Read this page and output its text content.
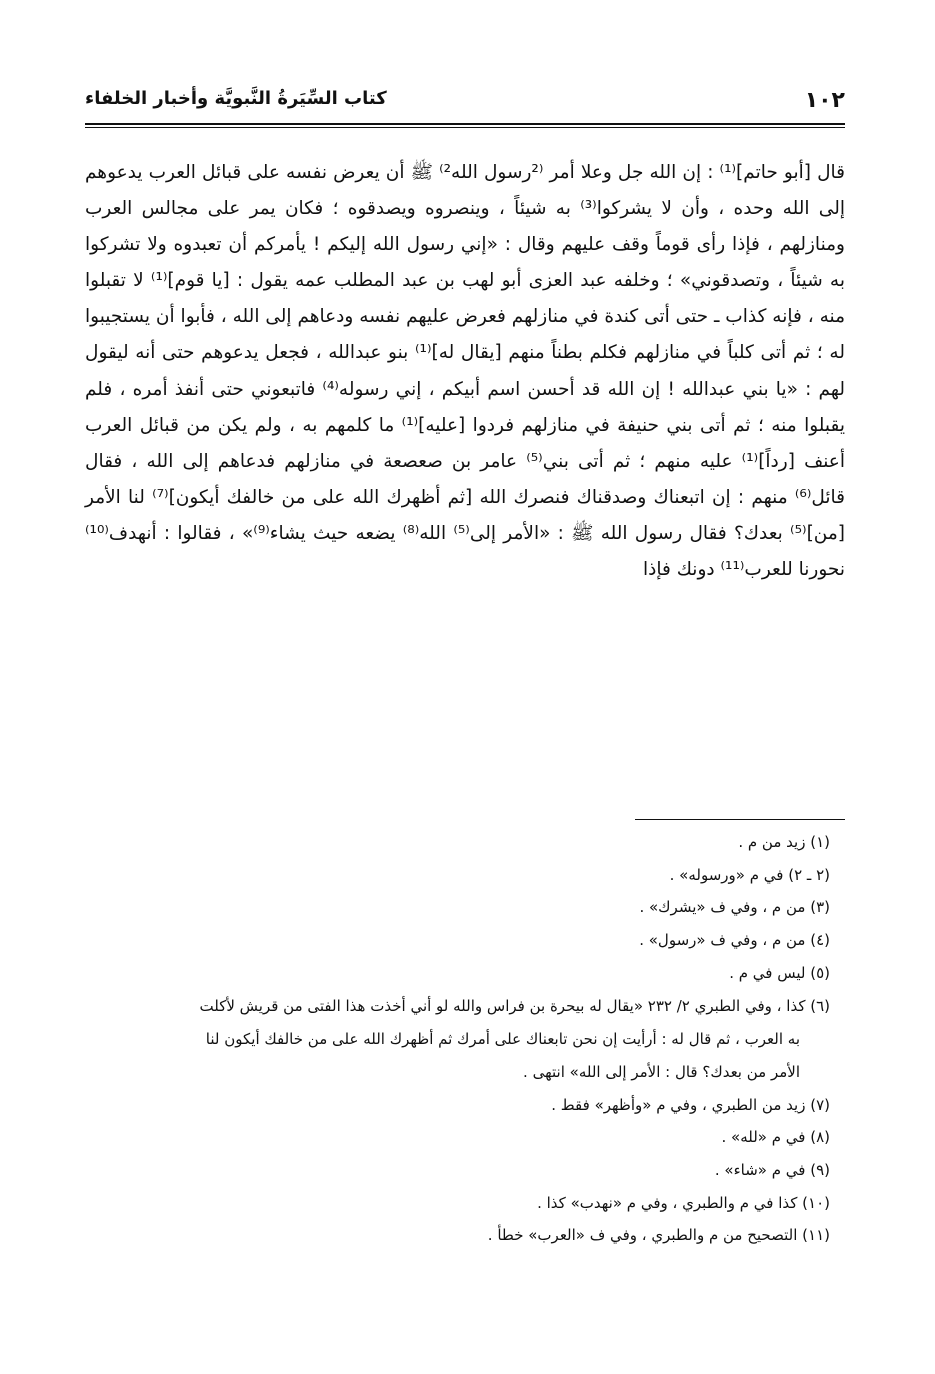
١٠٢
كتاب السِّيَرةُ النَّبويَّة وأخبار الخلفاء

قال [أبو حاتم]⁽¹⁾ : إن الله جل وعلا أمر ⁽²رسول الله²⁾ ﷺ أن يعرض نفسه على قبائل العرب يدعوهم إلى الله وحده ، وأن لا يشركوا⁽³⁾ به شيئاً ، وينصروه ويصدقوه ؛ فكان يمر على مجالس العرب ومنازلهم ، فإذا رأى قوماً وقف عليهم وقال : «إني رسول الله إليكم ! يأمركم أن تعبدوه ولا تشركوا به شيئاً ، وتصدقوني» ؛ وخلفه عبد العزى أبو لهب بن عبد المطلب عمه يقول : [يا قوم]⁽¹⁾ لا تقبلوا منه ، فإنه كذاب ـ حتى أتى كندة في منازلهم فعرض عليهم نفسه ودعاهم إلى الله ، فأبوا أن يستجيبوا له ؛ ثم أتى كلباً في منازلهم فكلم بطناً منهم [يقال له]⁽¹⁾ بنو عبدالله ، فجعل يدعوهم حتى أنه ليقول لهم : «يا بني عبدالله ! إن الله قد أحسن اسم أبيكم ، إني رسوله⁽⁴⁾ فاتبعوني حتى أنفذ أمره ، فلم يقبلوا منه ؛ ثم أتى بني حنيفة في منازلهم فردوا [عليه]⁽¹⁾ ما كلمهم به ، ولم يكن من قبائل العرب أعنف [رداً]⁽¹⁾ عليه منهم ؛ ثم أتى بني⁽⁵⁾ عامر بن صعصعة في منازلهم فدعاهم إلى الله ، فقال قائل⁽⁶⁾ منهم : إن اتبعناك وصدقناك فنصرك الله [ثم أظهرك الله على من خالفك أيكون]⁽⁷⁾ لنا الأمر [من]⁽⁵⁾ بعدك؟ فقال رسول الله ﷺ : «الأمر إلى⁽⁵⁾ الله⁽⁸⁾ يضعه حيث يشاء⁽⁹⁾» ، فقالوا : أنهدف⁽¹⁰⁾نحورنا للعرب⁽¹¹⁾ دونك فإذا

(١) زيد من م .
(٢ ـ ٢) في م «ورسوله» .
(٣) من م ، وفي ف «يشرك» .
(٤) من م ، وفي ف «رسول» .
(٥) ليس في م .
(٦) كذا ، وفي الطبري ٢/ ٢٣٢ «يقال له بيحرة بن فراس والله لو أني أخذت هذا الفتى من قريش لأكلت
به العرب ، ثم قال له : أرأيت إن نحن تابعناك على أمرك ثم أظهرك الله على من خالفك أيكون لنا
الأمر من بعدك؟ قال : الأمر إلى الله» انتهى .
(٧) زيد من الطبري ، وفي م «وأظهر» فقط .
(٨) في م «لله» .
(٩) في م «شاء» .
(١٠) كذا في م والطبري ، وفي م «نهدب» كذا .
(١١) التصحيح من م والطبري ، وفي ف «العرب» خطأ .
